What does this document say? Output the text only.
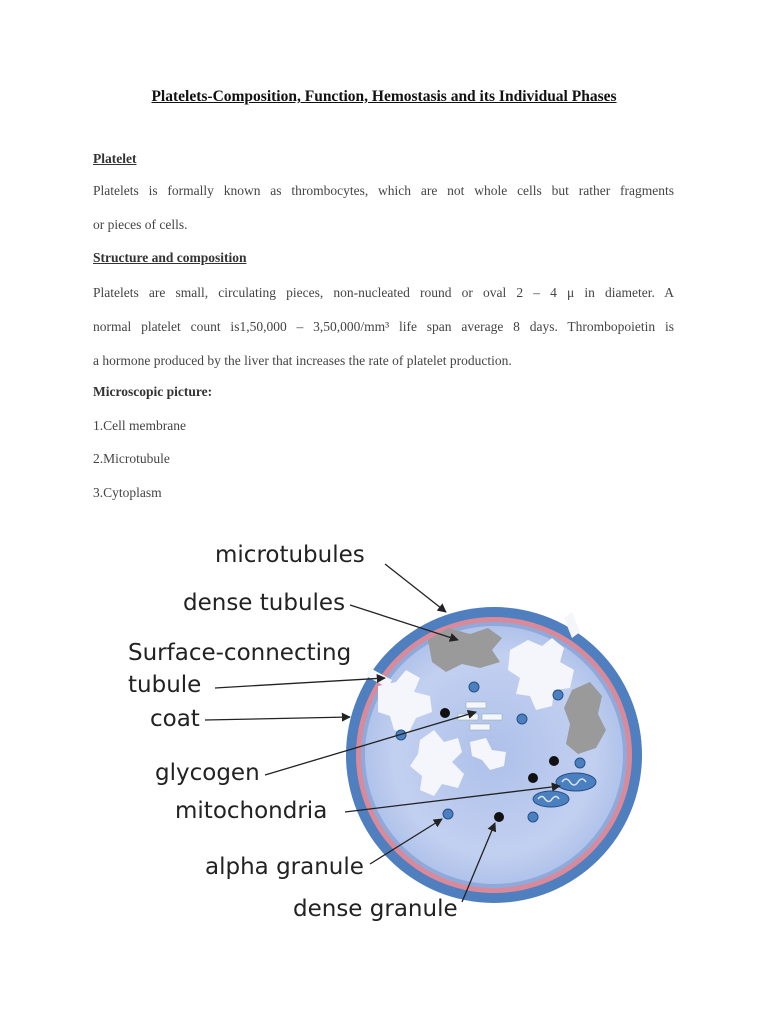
Platelets-Composition, Function, Hemostasis and its Individual Phases
Platelet
Platelets is formally known as thrombocytes, which are not whole cells but rather fragments
or pieces of cells.
Structure and composition
Platelets are small, circulating pieces, non-nucleated round or oval 2 – 4 μ in diameter. A
normal platelet count is1,50,000 – 3,50,000/mm³ life span average 8 days. Thrombopoietin is
a hormone produced by the liver that increases the rate of platelet production.
Microscopic picture:
1.Cell membrane
2.Microtubule
3.Cytoplasm
microtubules
dense tubules
Surface-connecting
tubule
coat
glycogen
mitochondria
alpha granule
dense granule
